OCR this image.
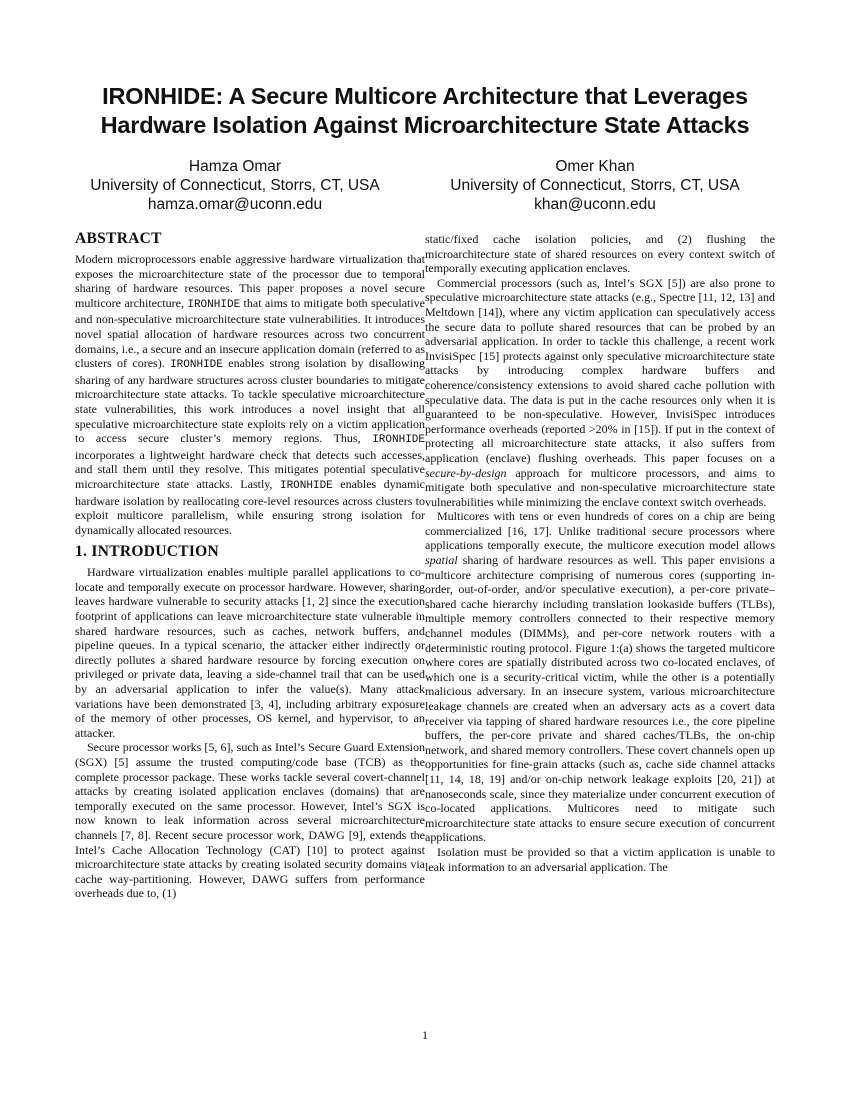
IRONHIDE: A Secure Multicore Architecture that Leverages
Hardware Isolation Against Microarchitecture State Attacks
Hamza Omar
University of Connecticut, Storrs, CT, USA
hamza.omar@uconn.edu
Omer Khan
University of Connecticut, Storrs, CT, USA
khan@uconn.edu
ABSTRACT

Modern microprocessors enable aggressive hardware virtualization that exposes the microarchitecture state of the processor due to temporal sharing of hardware resources. This paper proposes a novel secure multicore architecture, IRONHIDE that aims to mitigate both speculative and non-speculative microarchitecture state vulnerabilities. It introduces novel spatial allocation of hardware resources across two concurrent domains, i.e., a secure and an insecure application domain (referred to as clusters of cores). IRONHIDE enables strong isolation by disallowing sharing of any hardware structures across cluster boundaries to mitigate microarchitecture state attacks. To tackle speculative microarchitecture state vulnerabilities, this work introduces a novel insight that all speculative microarchitecture state exploits rely on a victim application to access secure cluster’s memory regions. Thus, IRONHIDE incorporates a lightweight hardware check that detects such accesses, and stall them until they resolve. This mitigates potential speculative microarchitecture state attacks. Lastly, IRONHIDE enables dynamic hardware isolation by reallocating core-level resources across clusters to exploit multicore parallelism, while ensuring strong isolation for dynamically allocated resources.

1. INTRODUCTION

Hardware virtualization enables multiple parallel applications to co-locate and temporally execute on processor hardware. However, sharing leaves hardware vulnerable to security attacks [1, 2] since the execution footprint of applications can leave microarchitecture state vulnerable in shared hardware resources, such as caches, network buffers, and pipeline queues. In a typical scenario, the attacker either indirectly or directly pollutes a shared hardware resource by forcing execution on privileged or private data, leaving a side-channel trail that can be used by an adversarial application to infer the value(s). Many attack variations have been demonstrated [3, 4], including arbitrary exposure of the memory of other processes, OS kernel, and hypervisor, to an attacker.

Secure processor works [5, 6], such as Intel’s Secure Guard Extension (SGX) [5] assume the trusted computing/code base (TCB) as the complete processor package. These works tackle several covert-channel attacks by creating isolated application enclaves (domains) that are temporally executed on the same processor. However, Intel’s SGX is now known to leak information across several microarchitecture channels [7, 8]. Recent secure processor work, DAWG [9], extends the Intel’s Cache Allocation Technology (CAT) [10] to protect against microarchitecture state attacks by creating isolated security domains via cache way-partitioning. However, DAWG suffers from performance overheads due to, (1)

static/fixed cache isolation policies, and (2) flushing the microarchitecture state of shared resources on every context switch of temporally executing application enclaves.

Commercial processors (such as, Intel’s SGX [5]) are also prone to speculative microarchitecture state attacks (e.g., Spectre [11, 12, 13] and Meltdown [14]), where any victim application can speculatively access the secure data to pollute shared resources that can be probed by an adversarial application. In order to tackle this challenge, a recent work InvisiSpec [15] protects against only speculative microarchitecture state attacks by introducing complex hardware buffers and coherence/consistency extensions to avoid shared cache pollution with speculative data. The data is put in the cache resources only when it is guaranteed to be non-speculative. However, InvisiSpec introduces performance overheads (reported >20% in [15]). If put in the context of protecting all microarchitecture state attacks, it also suffers from application (enclave) flushing overheads. This paper focuses on a secure-by-design approach for multicore processors, and aims to mitigate both speculative and non-speculative microarchitecture state vulnerabilities while minimizing the enclave context switch overheads.

Multicores with tens or even hundreds of cores on a chip are being commercialized [16, 17]. Unlike traditional secure processors where applications temporally execute, the multicore execution model allows spatial sharing of hardware resources as well. This paper envisions a multicore architecture comprising of numerous cores (supporting in-order, out-of-order, and/or speculative execution), a per-core private–shared cache hierarchy including translation lookaside buffers (TLBs), multiple memory controllers connected to their respective memory channel modules (DIMMs), and per-core network routers with a deterministic routing protocol. Figure 1:(a) shows the targeted multicore where cores are spatially distributed across two co-located enclaves, of which one is a security-critical victim, while the other is a potentially malicious adversary. In an insecure system, various microarchitecture leakage channels are created when an adversary acts as a covert data receiver via tapping of shared hardware resources i.e., the core pipeline buffers, the per-core private and shared caches/TLBs, the on-chip network, and shared memory controllers. These covert channels open up opportunities for fine-grain attacks (such as, cache side channel attacks [11, 14, 18, 19] and/or on-chip network leakage exploits [20, 21]) at nanoseconds scale, since they materialize under concurrent execution of co-located applications. Multicores need to mitigate such microarchitecture state attacks to ensure secure execution of concurrent applications.

Isolation must be provided so that a victim application is unable to leak information to an adversarial application. The

1
